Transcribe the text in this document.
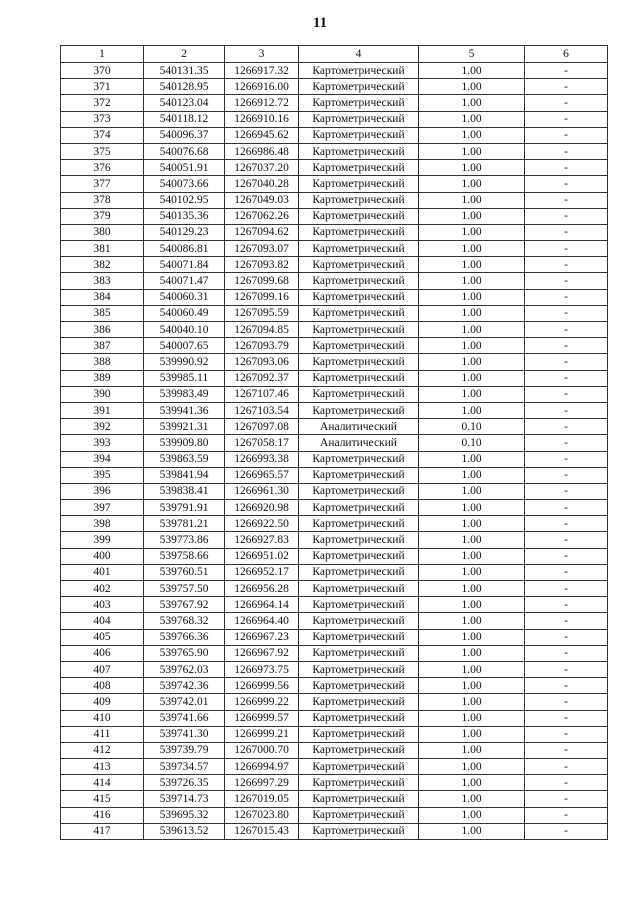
11
1	2	3	4	5	6
370	540131.35	1266917.32	Картометрический	1.00	-
371	540128.95	1266916.00	Картометрический	1.00	-
372	540123.04	1266912.72	Картометрический	1.00	-
373	540118.12	1266910.16	Картометрический	1.00	-
374	540096.37	1266945.62	Картометрический	1.00	-
375	540076.68	1266986.48	Картометрический	1.00	-
376	540051.91	1267037.20	Картометрический	1.00	-
377	540073.66	1267040.28	Картометрический	1.00	-
378	540102.95	1267049.03	Картометрический	1.00	-
379	540135.36	1267062.26	Картометрический	1.00	-
380	540129.23	1267094.62	Картометрический	1.00	-
381	540086.81	1267093.07	Картометрический	1.00	-
382	540071.84	1267093.82	Картометрический	1.00	-
383	540071.47	1267099.68	Картометрический	1.00	-
384	540060.31	1267099.16	Картометрический	1.00	-
385	540060.49	1267095.59	Картометрический	1.00	-
386	540040.10	1267094.85	Картометрический	1.00	-
387	540007.65	1267093.79	Картометрический	1.00	-
388	539990.92	1267093.06	Картометрический	1.00	-
389	539985.11	1267092.37	Картометрический	1.00	-
390	539983.49	1267107.46	Картометрический	1.00	-
391	539941.36	1267103.54	Картометрический	1.00	-
392	539921.31	1267097.08	Аналитический	0.10	-
393	539909.80	1267058.17	Аналитический	0.10	-
394	539863.59	1266993.38	Картометрический	1.00	-
395	539841.94	1266965.57	Картометрический	1.00	-
396	539838.41	1266961.30	Картометрический	1.00	-
397	539791.91	1266920.98	Картометрический	1.00	-
398	539781.21	1266922.50	Картометрический	1.00	-
399	539773.86	1266927.83	Картометрический	1.00	-
400	539758.66	1266951.02	Картометрический	1.00	-
401	539760.51	1266952.17	Картометрический	1.00	-
402	539757.50	1266956.28	Картометрический	1.00	-
403	539767.92	1266964.14	Картометрический	1.00	-
404	539768.32	1266964.40	Картометрический	1.00	-
405	539766.36	1266967.23	Картометрический	1.00	-
406	539765.90	1266967.92	Картометрический	1.00	-
407	539762.03	1266973.75	Картометрический	1.00	-
408	539742.36	1266999.56	Картометрический	1.00	-
409	539742.01	1266999.22	Картометрический	1.00	-
410	539741.66	1266999.57	Картометрический	1.00	-
411	539741.30	1266999.21	Картометрический	1.00	-
412	539739.79	1267000.70	Картометрический	1.00	-
413	539734.57	1266994.97	Картометрический	1.00	-
414	539726.35	1266997.29	Картометрический	1.00	-
415	539714.73	1267019.05	Картометрический	1.00	-
416	539695.32	1267023.80	Картометрический	1.00	-
417	539613.52	1267015.43	Картометрический	1.00	-
